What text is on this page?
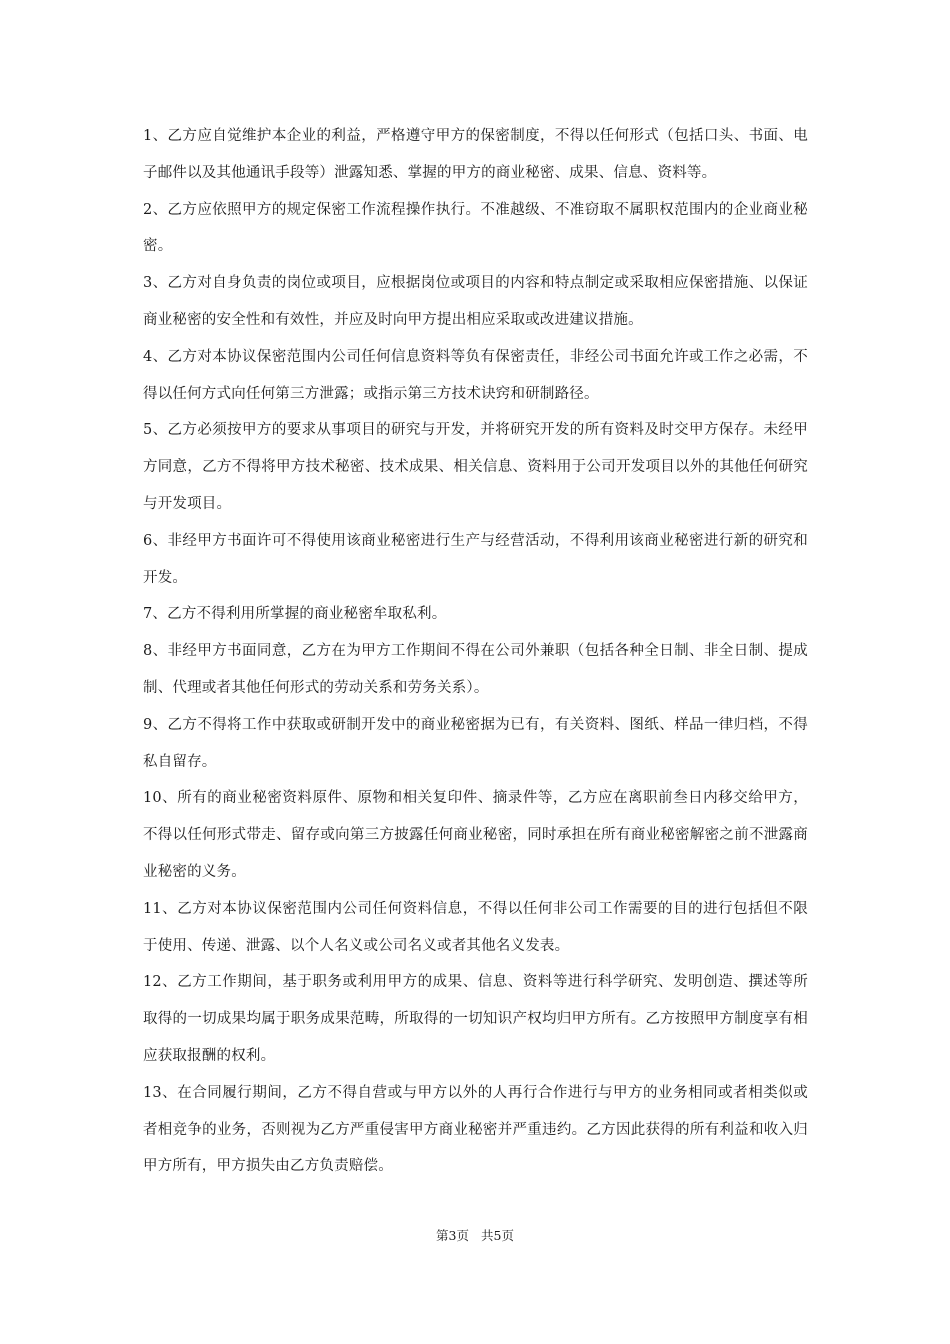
1、乙方应自觉维护本企业的利益，严格遵守甲方的保密制度，不得以任何形式（包括口头、书面、电子邮件以及其他通讯手段等）泄露知悉、掌握的甲方的商业秘密、成果、信息、资料等。

2、乙方应依照甲方的规定保密工作流程操作执行。不准越级、不准窃取不属职权范围内的企业商业秘密。

3、乙方对自身负责的岗位或项目，应根据岗位或项目的内容和特点制定或采取相应保密措施、以保证商业秘密的安全性和有效性，并应及时向甲方提出相应采取或改进建议措施。

4、乙方对本协议保密范围内公司任何信息资料等负有保密责任，非经公司书面允许或工作之必需，不得以任何方式向任何第三方泄露；或指示第三方技术诀窍和研制路径。

5、乙方必须按甲方的要求从事项目的研究与开发，并将研究开发的所有资料及时交甲方保存。未经甲方同意，乙方不得将甲方技术秘密、技术成果、相关信息、资料用于公司开发项目以外的其他任何研究与开发项目。

6、非经甲方书面许可不得使用该商业秘密进行生产与经营活动，不得利用该商业秘密进行新的研究和开发。

7、乙方不得利用所掌握的商业秘密牟取私利。

8、非经甲方书面同意，乙方在为甲方工作期间不得在公司外兼职（包括各种全日制、非全日制、提成制、代理或者其他任何形式的劳动关系和劳务关系）。

9、乙方不得将工作中获取或研制开发中的商业秘密据为已有，有关资料、图纸、样品一律归档，不得私自留存。

10、所有的商业秘密资料原件、原物和相关复印件、摘录件等，乙方应在离职前叁日内移交给甲方，不得以任何形式带走、留存或向第三方披露任何商业秘密，同时承担在所有商业秘密解密之前不泄露商业秘密的义务。

11、乙方对本协议保密范围内公司任何资料信息，不得以任何非公司工作需要的目的进行包括但不限于使用、传递、泄露、以个人名义或公司名义或者其他名义发表。

12、乙方工作期间，基于职务或利用甲方的成果、信息、资料等进行科学研究、发明创造、撰述等所取得的一切成果均属于职务成果范畴，所取得的一切知识产权均归甲方所有。乙方按照甲方制度享有相应获取报酬的权利。

13、在合同履行期间，乙方不得自营或与甲方以外的人再行合作进行与甲方的业务相同或者相类似或者相竞争的业务，否则视为乙方严重侵害甲方商业秘密并严重违约。乙方因此获得的所有利益和收入归甲方所有，甲方损失由乙方负责赔偿。

第3页 共5页
